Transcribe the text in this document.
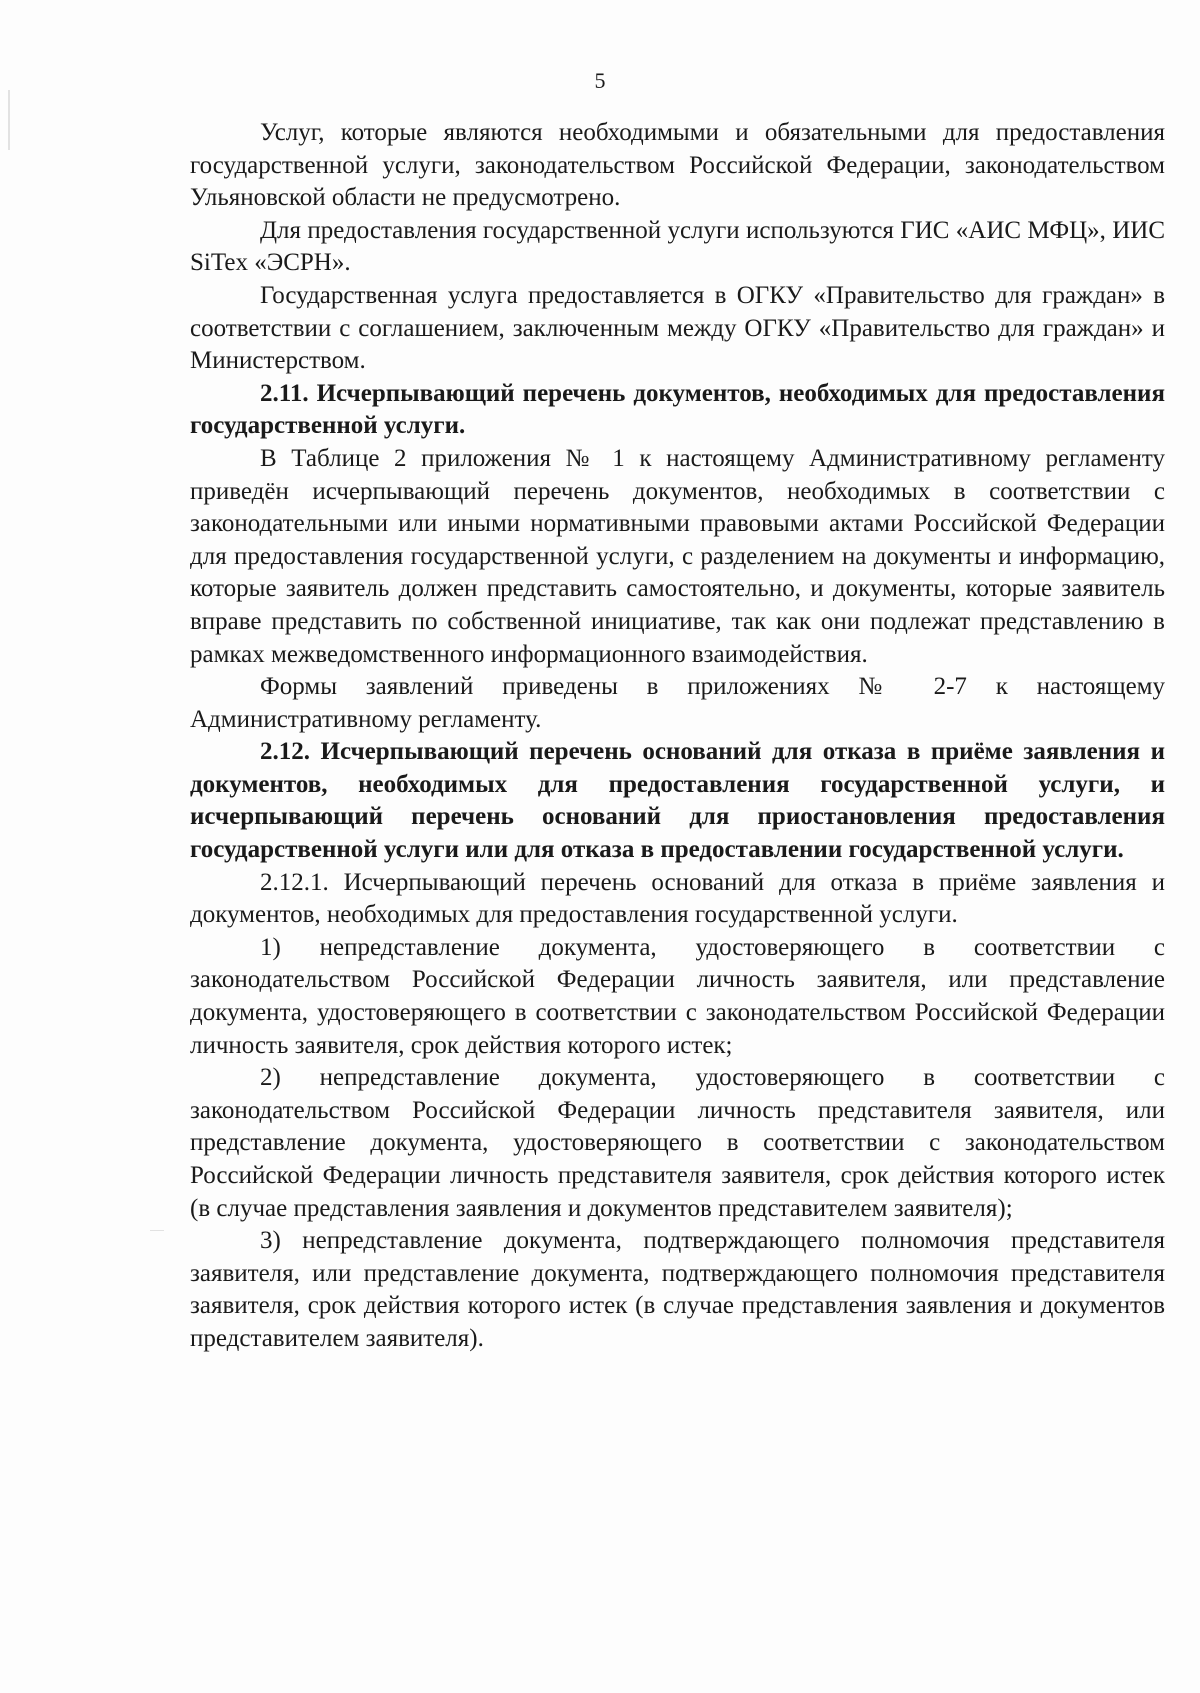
5

Услуг, которые являются необходимыми и обязательными для предоставления государственной услуги, законодательством Российской Федерации, законодательством Ульяновской области не предусмотрено.

Для предоставления государственной услуги используются ГИС «АИС МФЦ», ИИС SiTex «ЭСРН».

Государственная услуга предоставляется в ОГКУ «Правительство для граждан» в соответствии с соглашением, заключенным между ОГКУ «Правительство для граждан» и Министерством.

2.11. Исчерпывающий перечень документов, необходимых для предоставления государственной услуги.

В Таблице 2 приложения № 1 к настоящему Административному регламенту приведён исчерпывающий перечень документов, необходимых в соответствии с законодательными или иными нормативными правовыми актами Российской Федерации для предоставления государственной услуги, с разделением на документы и информацию, которые заявитель должен представить самостоятельно, и документы, которые заявитель вправе представить по собственной инициативе, так как они подлежат представлению в рамках межведомственного информационного взаимодействия.

Формы заявлений приведены в приложениях № 2-7 к настоящему Административному регламенту.

2.12. Исчерпывающий перечень оснований для отказа в приёме заявления и документов, необходимых для предоставления государственной услуги, и исчерпывающий перечень оснований для приостановления предоставления государственной услуги или для отказа в предоставлении государственной услуги.

2.12.1. Исчерпывающий перечень оснований для отказа в приёме заявления и документов, необходимых для предоставления государственной услуги.

1) непредставление документа, удостоверяющего в соответствии с законодательством Российской Федерации личность заявителя, или представление документа, удостоверяющего в соответствии с законодательством Российской Федерации личность заявителя, срок действия которого истек;

2) непредставление документа, удостоверяющего в соответствии с законодательством Российской Федерации личность представителя заявителя, или представление документа, удостоверяющего в соответствии с законодательством Российской Федерации личность представителя заявителя, срок действия которого истек (в случае представления заявления и документов представителем заявителя);

3) непредставление документа, подтверждающего полномочия представителя заявителя, или представление документа, подтверждающего полномочия представителя заявителя, срок действия которого истек (в случае представления заявления и документов представителем заявителя).
